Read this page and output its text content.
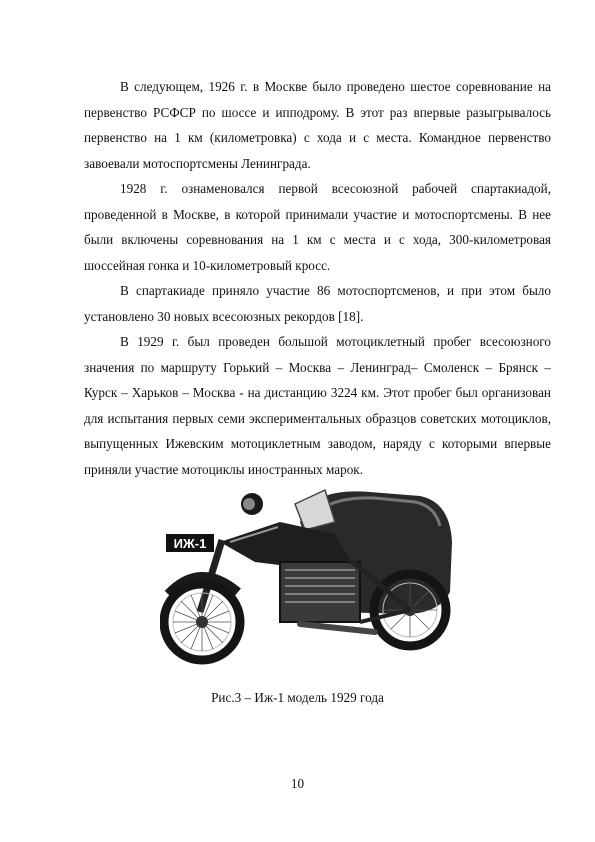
В следующем, 1926 г. в Москве было проведено шестое соревнование на первенство РСФСР по шоссе и ипподрому. В этот раз впервые разыгрывалось первенство на 1 км (километровка) с хода и с места. Командное первенство завоевали мотоспортсмены Ленинграда.

1928 г. ознаменовался первой всесоюзной рабочей спартакиадой, проведенной в Москве, в которой принимали участие и мотоспортсмены. В нее были включены соревнования на 1 км с места и с хода, 300-километровая шоссейная гонка и 10-километровый кросс.

В спартакиаде приняло участие 86 мотоспортсменов, и при этом было установлено 30 новых всесоюзных рекордов [18].

В 1929 г. был проведен большой мотоциклетный пробег всесоюзного значения по маршруту Горький – Москва – Ленинград– Смоленск – Брянск – Курск – Харьков – Москва - на дистанцию 3224 км. Этот пробег был организован для испытания первых семи экспериментальных образцов советских мотоциклов, выпущенных Ижевским мотоциклетным заводом, наряду с которыми впервые приняли участие мотоциклы иностранных марок.

ИЖ-1
Рис.3 – Иж-1 модель 1929 года
10
